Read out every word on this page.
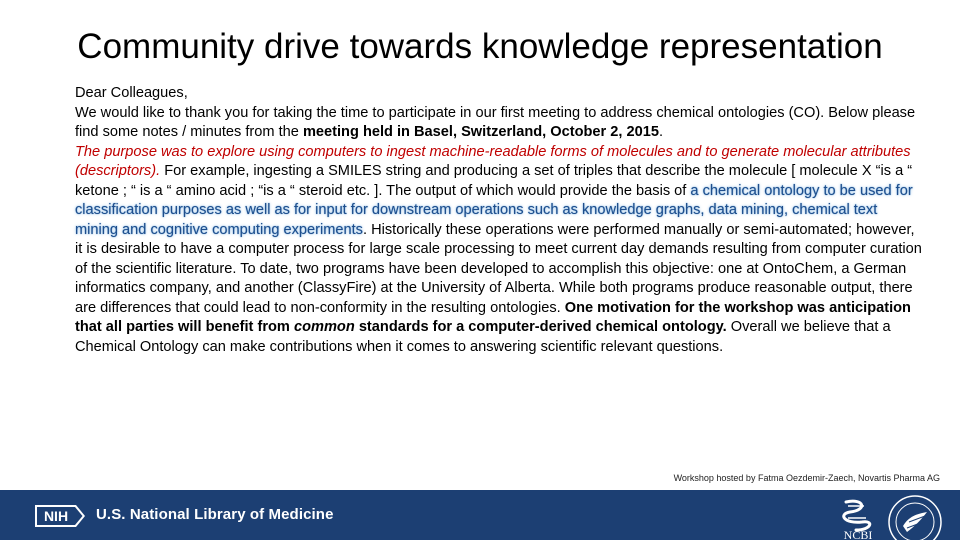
Community drive towards knowledge representation

Dear Colleagues,

We would like to thank you for taking the time to participate in our first meeting to address chemical ontologies (CO). Below please find some notes / minutes from the meeting held in Basel, Switzerland, October 2, 2015.

The purpose was to explore using computers to ingest machine-readable forms of molecules and to generate molecular attributes (descriptors). For example, ingesting a SMILES string and producing a set of triples that describe the molecule [ molecule X “is a “ ketone ; “ is a “ amino acid ; “is a “ steroid etc. ]. The output of which would provide the basis of a chemical ontology to be used for classification purposes as well as for input for downstream operations such as knowledge graphs, data mining, chemical text mining and cognitive computing experiments. Historically these operations were performed manually or semi-automated; however, it is desirable to have a computer process for large scale processing to meet current day demands resulting from computer curation of the scientific literature. To date, two programs have been developed to accomplish this objective: one at OntoChem, a German informatics company, and another (ClassyFire) at the University of Alberta. While both programs produce reasonable output, there are differences that could lead to non-conformity in the resulting ontologies. One motivation for the workshop was anticipation that all parties will benefit from common standards for a computer-derived chemical ontology. Overall we believe that a Chemical Ontology can make contributions when it comes to answering scientific relevant questions.

Workshop hosted by Fatma Oezdemir-Zaech, Novartis Pharma AG
NIH U.S. National Library of Medicine
NCBI
